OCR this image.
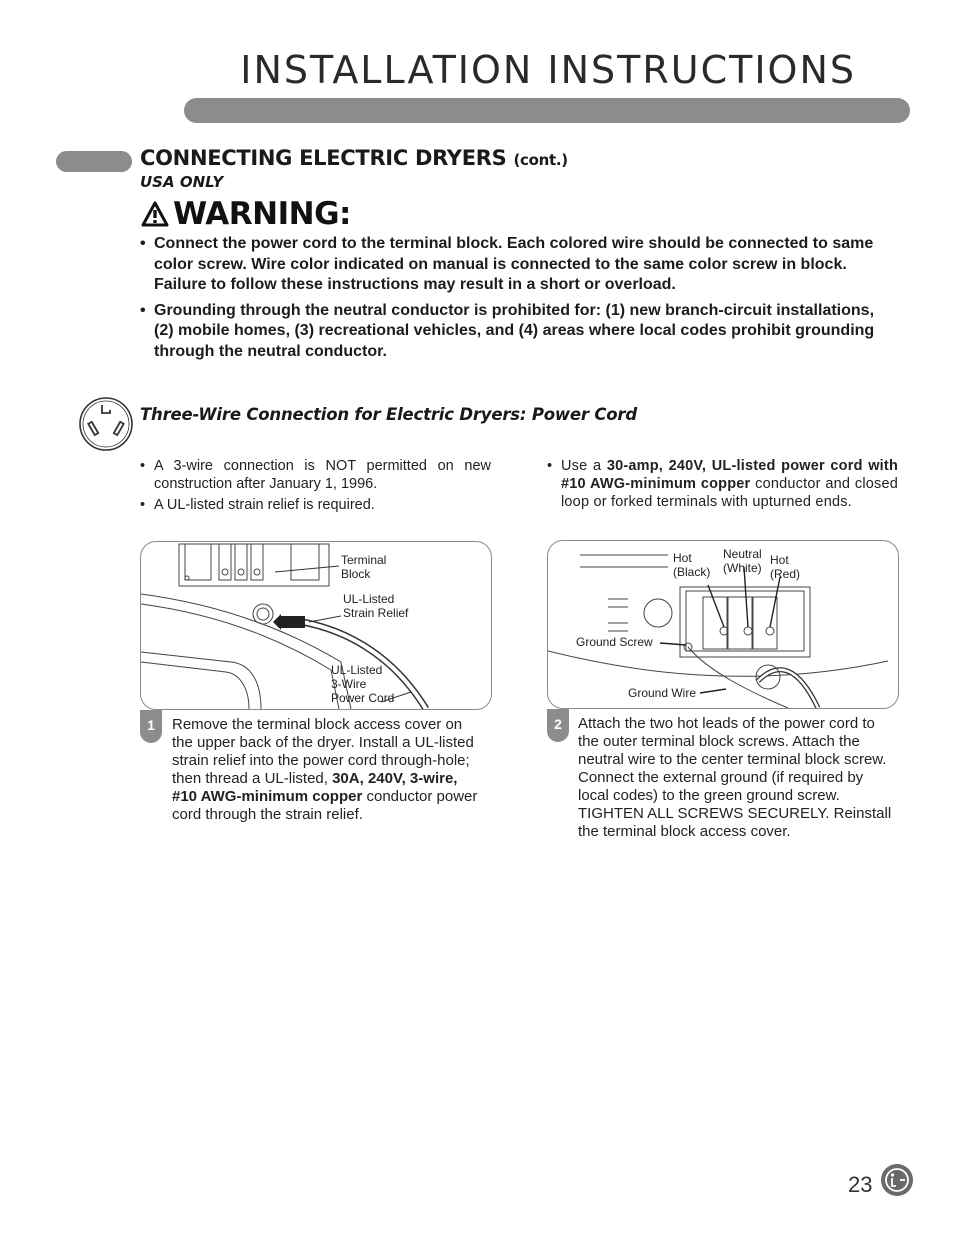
INSTALLATION INSTRUCTIONS
CONNECTING ELECTRIC DRYERS (cont.)
USA ONLY
WARNING:
• Connect the power cord to the terminal block. Each colored wire should be connected to same color screw. Wire color indicated on manual is connected to the same color screw in block. Failure to follow these instructions may result in a short or overload.
• Grounding through the neutral conductor is prohibited for: (1) new branch-circuit installations, (2) mobile homes, (3) recreational vehicles, and (4) areas where local codes prohibit grounding through the neutral conductor.
Three-Wire Connection for Electric Dryers: Power Cord
• A 3-wire connection is NOT permitted on new construction after January 1, 1996.
• A UL-listed strain relief is required.
• Use a 30-amp, 240V, UL-listed power cord with #10 AWG-minimum copper conductor and closed loop or forked terminals with upturned ends.
Terminal
Block
UL-Listed
Strain Relief
UL-Listed
3-Wire
Power Cord
Hot
(Black)
Neutral
(White)
Hot
(Red)
Ground Screw
Ground Wire
1	Remove the terminal block access cover on the upper back of the dryer. Install a UL-listed strain relief into the power cord through-hole; then thread a UL-listed, 30A, 240V, 3-wire, #10 AWG-minimum copper conductor power cord through the strain relief.
2	Attach the two hot leads of the power cord to the outer terminal block screws. Attach the neutral wire to the center terminal block screw. Connect the external ground (if required by local codes) to the green ground screw. TIGHTEN ALL SCREWS SECURELY. Reinstall the terminal block access cover.
23
